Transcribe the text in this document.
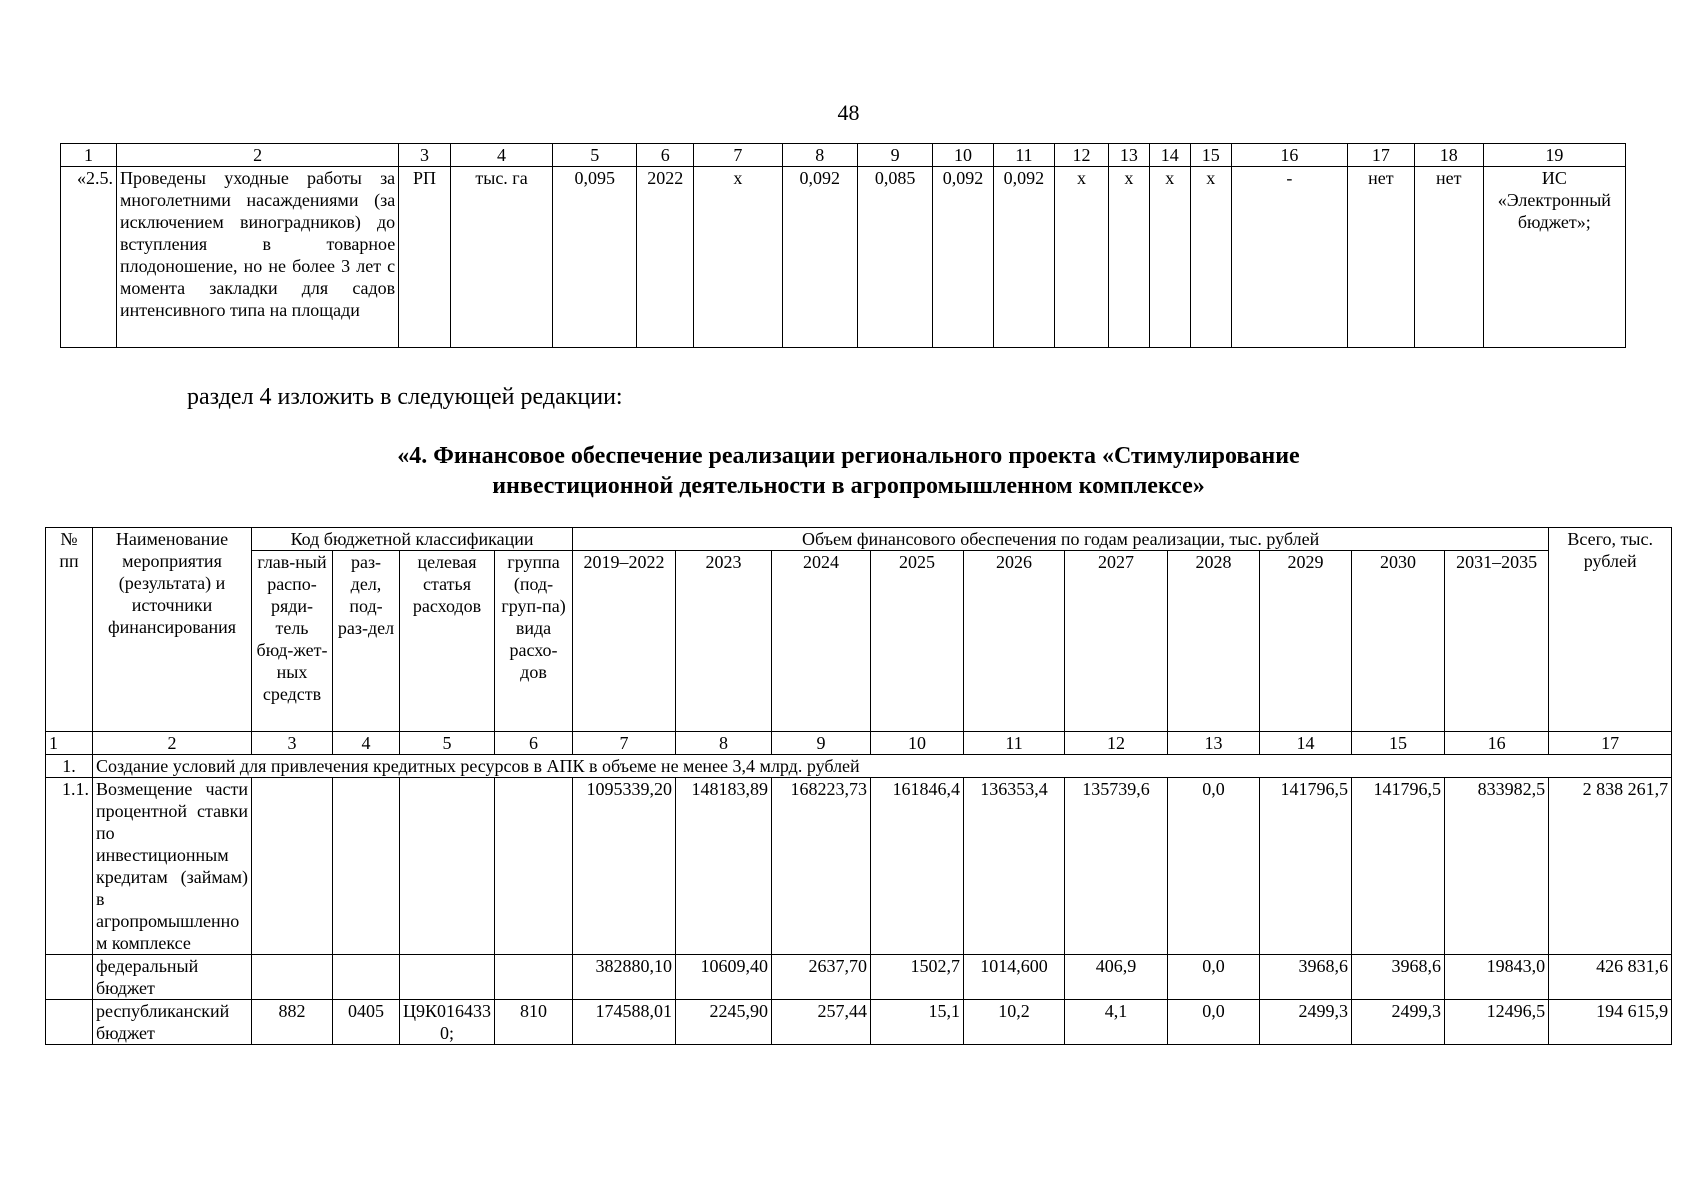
48
1	2	3	4	5	6	7	8	9	10	11	12	13	14	15	16	17	18	19
«2.5.	Проведены уходные работы за многолетними насаждениями (за исключением виноградников) до вступления в товарное плодоношение, но не более 3 лет с момента закладки для садов интенсивного типа на площади	РП	тыс. га	0,095	2022	х	0,092	0,085	0,092	0,092	х	х	х	х	-	нет	нет	ИС «Электронный бюджет»;
раздел 4 изложить в следующей редакции:
«4. Финансовое обеспечение реализации регионального проекта «Стимулирование
инвестиционной деятельности в агропромышленном комплексе»
№ пп	Наименование мероприятия (результата) и источники финансирования	Код бюджетной классификации				Объем финансового обеспечения по годам реализации, тыс. рублей										Всего, тыс. рублей
		глав-ный распо-ряди-тель бюд-жет-ных средств	раз-дел, под-раз-дел	целевая статья расходов	группа (под-груп-па) вида расхо-дов	2019–2022	2023	2024	2025	2026	2027	2028	2029	2030	2031–2035	
1	2	3	4	5	6	7	8	9	10	11	12	13	14	15	16	17
1.	Создание условий для привлечения кредитных ресурсов в АПК в объеме не менее 3,4 млрд. рублей															
1.1.	Возмещение части процентной ставки по инвестиционным кредитам (займам) в агропромышленном комплексе					1095339,20	148183,89	168223,73	161846,4	136353,4	135739,6	0,0	141796,5	141796,5	833982,5	2 838 261,7
	федеральный бюджет					382880,10	10609,40	2637,70	1502,7	1014,600	406,9	0,0	3968,6	3968,6	19843,0	426 831,6
	республиканский бюджет	882	0405	Ц9К0164330;	810	174588,01	2245,90	257,44	15,1	10,2	4,1	0,0	2499,3	2499,3	12496,5	194 615,9
